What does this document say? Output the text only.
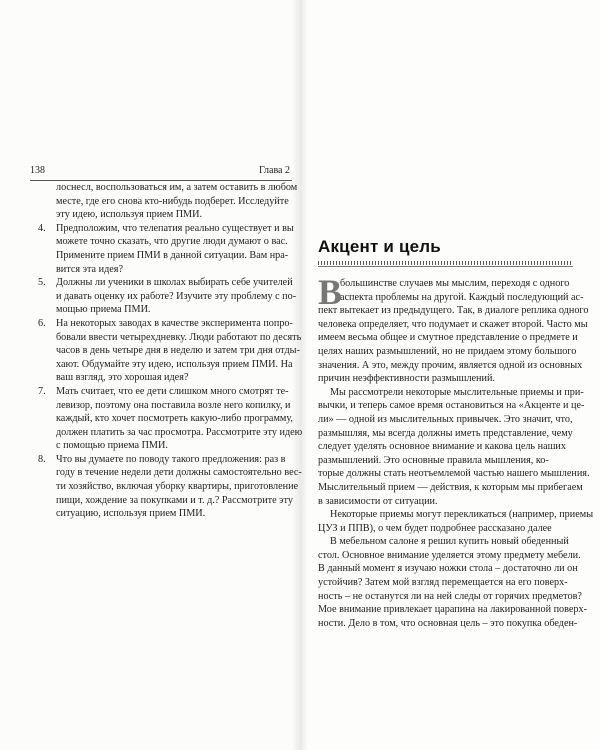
138	Глава 2
лоснесл, воспользоваться им, а затем оставить в любом
месте, где его снова кто-нибудь подберет. Исследуйте
эту идею, используя прием ПМИ.
4. Предположим, что телепатия реально существует и вы
можете точно сказать, что другие люди думают о вас.
Примените прием ПМИ в данной ситуации. Вам нра-
вится эта идея?
5. Должны ли ученики в школах выбирать себе учителей
и давать оценку их работе? Изучите эту проблему с по-
мощью приема ПМИ.
6. На некоторых заводах в качестве эксперимента попро-
бовали ввести четырехдневку. Люди работают по десять
часов в день четыре дня в неделю и затем три дня отды-
хают. Обдумайте эту идею, используя прием ПМИ. На
ваш взгляд, это хорошая идея?
7. Мать считает, что ее дети слишком много смотрят те-
левизор, поэтому она поставила возле него копилку, и
каждый, кто хочет посмотреть какую-либо программу,
должен платить за час просмотра. Рассмотрите эту идею
с помощью приема ПМИ.
8. Что вы думаете по поводу такого предложения: раз в
году в течение недели дети должны самостоятельно вес-
ти хозяйство, включая уборку квартиры, приготовление
пищи, хождение за покупками и т. д.? Рассмотрите эту
ситуацию, используя прием ПМИ.
Акцент и цель
В
большинстве случаев мы мыслим, переходя с одного
аспекта проблемы на другой. Каждый последующий ас-
пект вытекает из предыдущего. Так, в диалоге реплика одного
человека определяет, что подумает и скажет второй. Часто мы
имеем весьма общее и смутное представление о предмете и
целях наших размышлений, но не придаем этому большого
значения. А это, между прочим, является одной из основных
причин неэффективности размышлений.
Мы рассмотрели некоторые мыслительные приемы и при-
вычки, и теперь самое время остановиться на «Акценте и це-
ли» — одной из мыслительных привычек. Это значит, что,
размышляя, мы всегда должны иметь представление, чему
следует уделять основное внимание и какова цель наших
размышлений. Это основные правила мышления, ко-
торые должны стать неотъемлемой частью нашего мышления.
Мыслительный прием — действия, к которым мы прибегаем
в зависимости от ситуации.
Некоторые приемы могут перекликаться (например, приемы
ЦУЗ и ППВ), о чем будет подробнее рассказано далее
В мебельном салоне я решил купить новый обеденный
стол. Основное внимание уделяется этому предмету мебели.
В данный момент я изучаю ножки стола – достаточно ли он
устойчив? Затем мой взгляд перемещается на его поверх-
ность – не останутся ли на ней следы от горячих предметов?
Мое внимание привлекает царапина на лакированной поверх-
ности. Дело в том, что основная цель – это покупка обеден-
